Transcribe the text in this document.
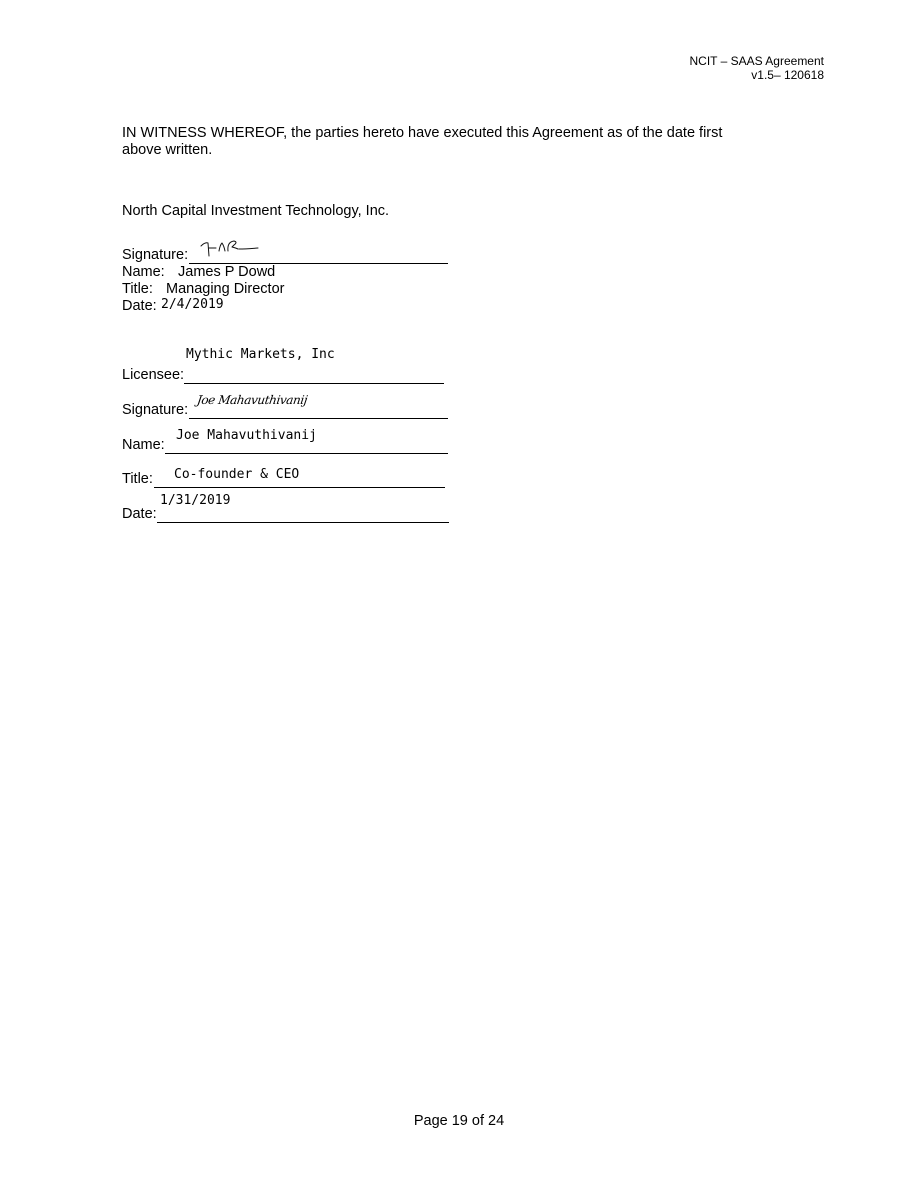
NCIT – SAAS Agreement
v1.5– 120618
IN WITNESS WHEREOF, the parties hereto have executed this Agreement as of the date first above written.
North Capital Investment Technology, Inc.
Signature:
Name: James P Dowd
Title: Managing Director
Date: 2/4/2019
Mythic Markets, Inc
Licensee:
Signature:
Joe Mahavuthivanij
Joe Mahavuthivanij
Name:
Co-founder & CEO
Title:
1/31/2019
Date:
Page 19 of 24
